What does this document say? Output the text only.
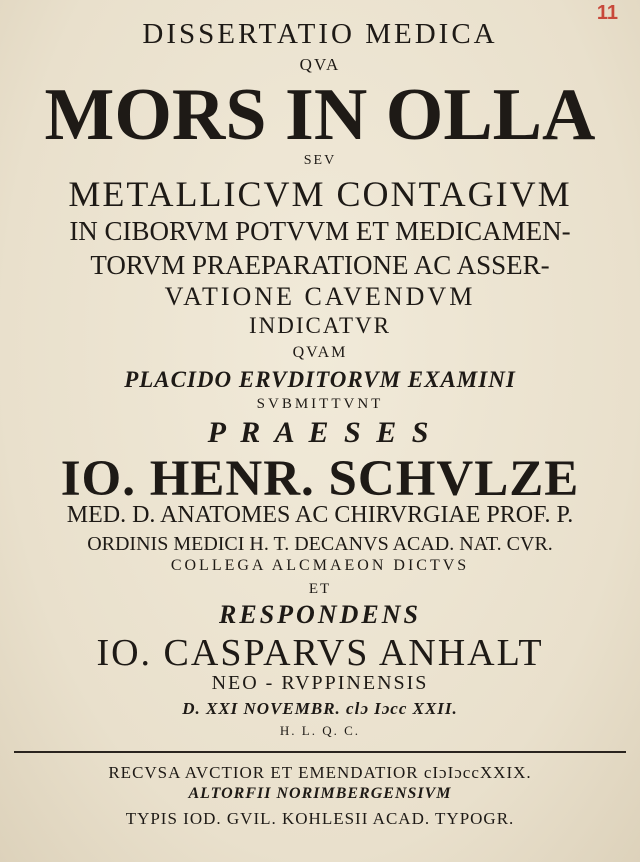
11
DISSERTATIO MEDICA
QVA
MORS IN OLLA
SEV
METALLICVM CONTAGIVM
IN CIBORVM POTVVM ET MEDICAMEN-
TORVM PRAEPARATIONE AC ASSER-
VATIONE CAVENDVM
INDICATVR
QVAM
PLACIDO ERVDITORVM EXAMINI
SVBMITTVNT
P R A E S E S
IO. HENR. SCHVLZE
MED. D. ANATOMES AC CHIRVRGIAE PROF. P.
ORDINIS MEDICI H. T. DECANVS ACAD. NAT. CVR.
COLLEGA ALCMAEON DICTVS
ET
RESPONDENS
IO. CASPARVS ANHALT
NEO - RVPPINENSIS
D. XXI NOVEMBR. clɔ Iɔcc XXII.
H. L. Q. C.
RECVSA AVCTIOR ET EMENDATIOR cIɔIɔccXXIX.
ALTORFII NORIMBERGENSIVM
TYPIS IOD. GVIL. KOHLESII ACAD. TYPOGR.
